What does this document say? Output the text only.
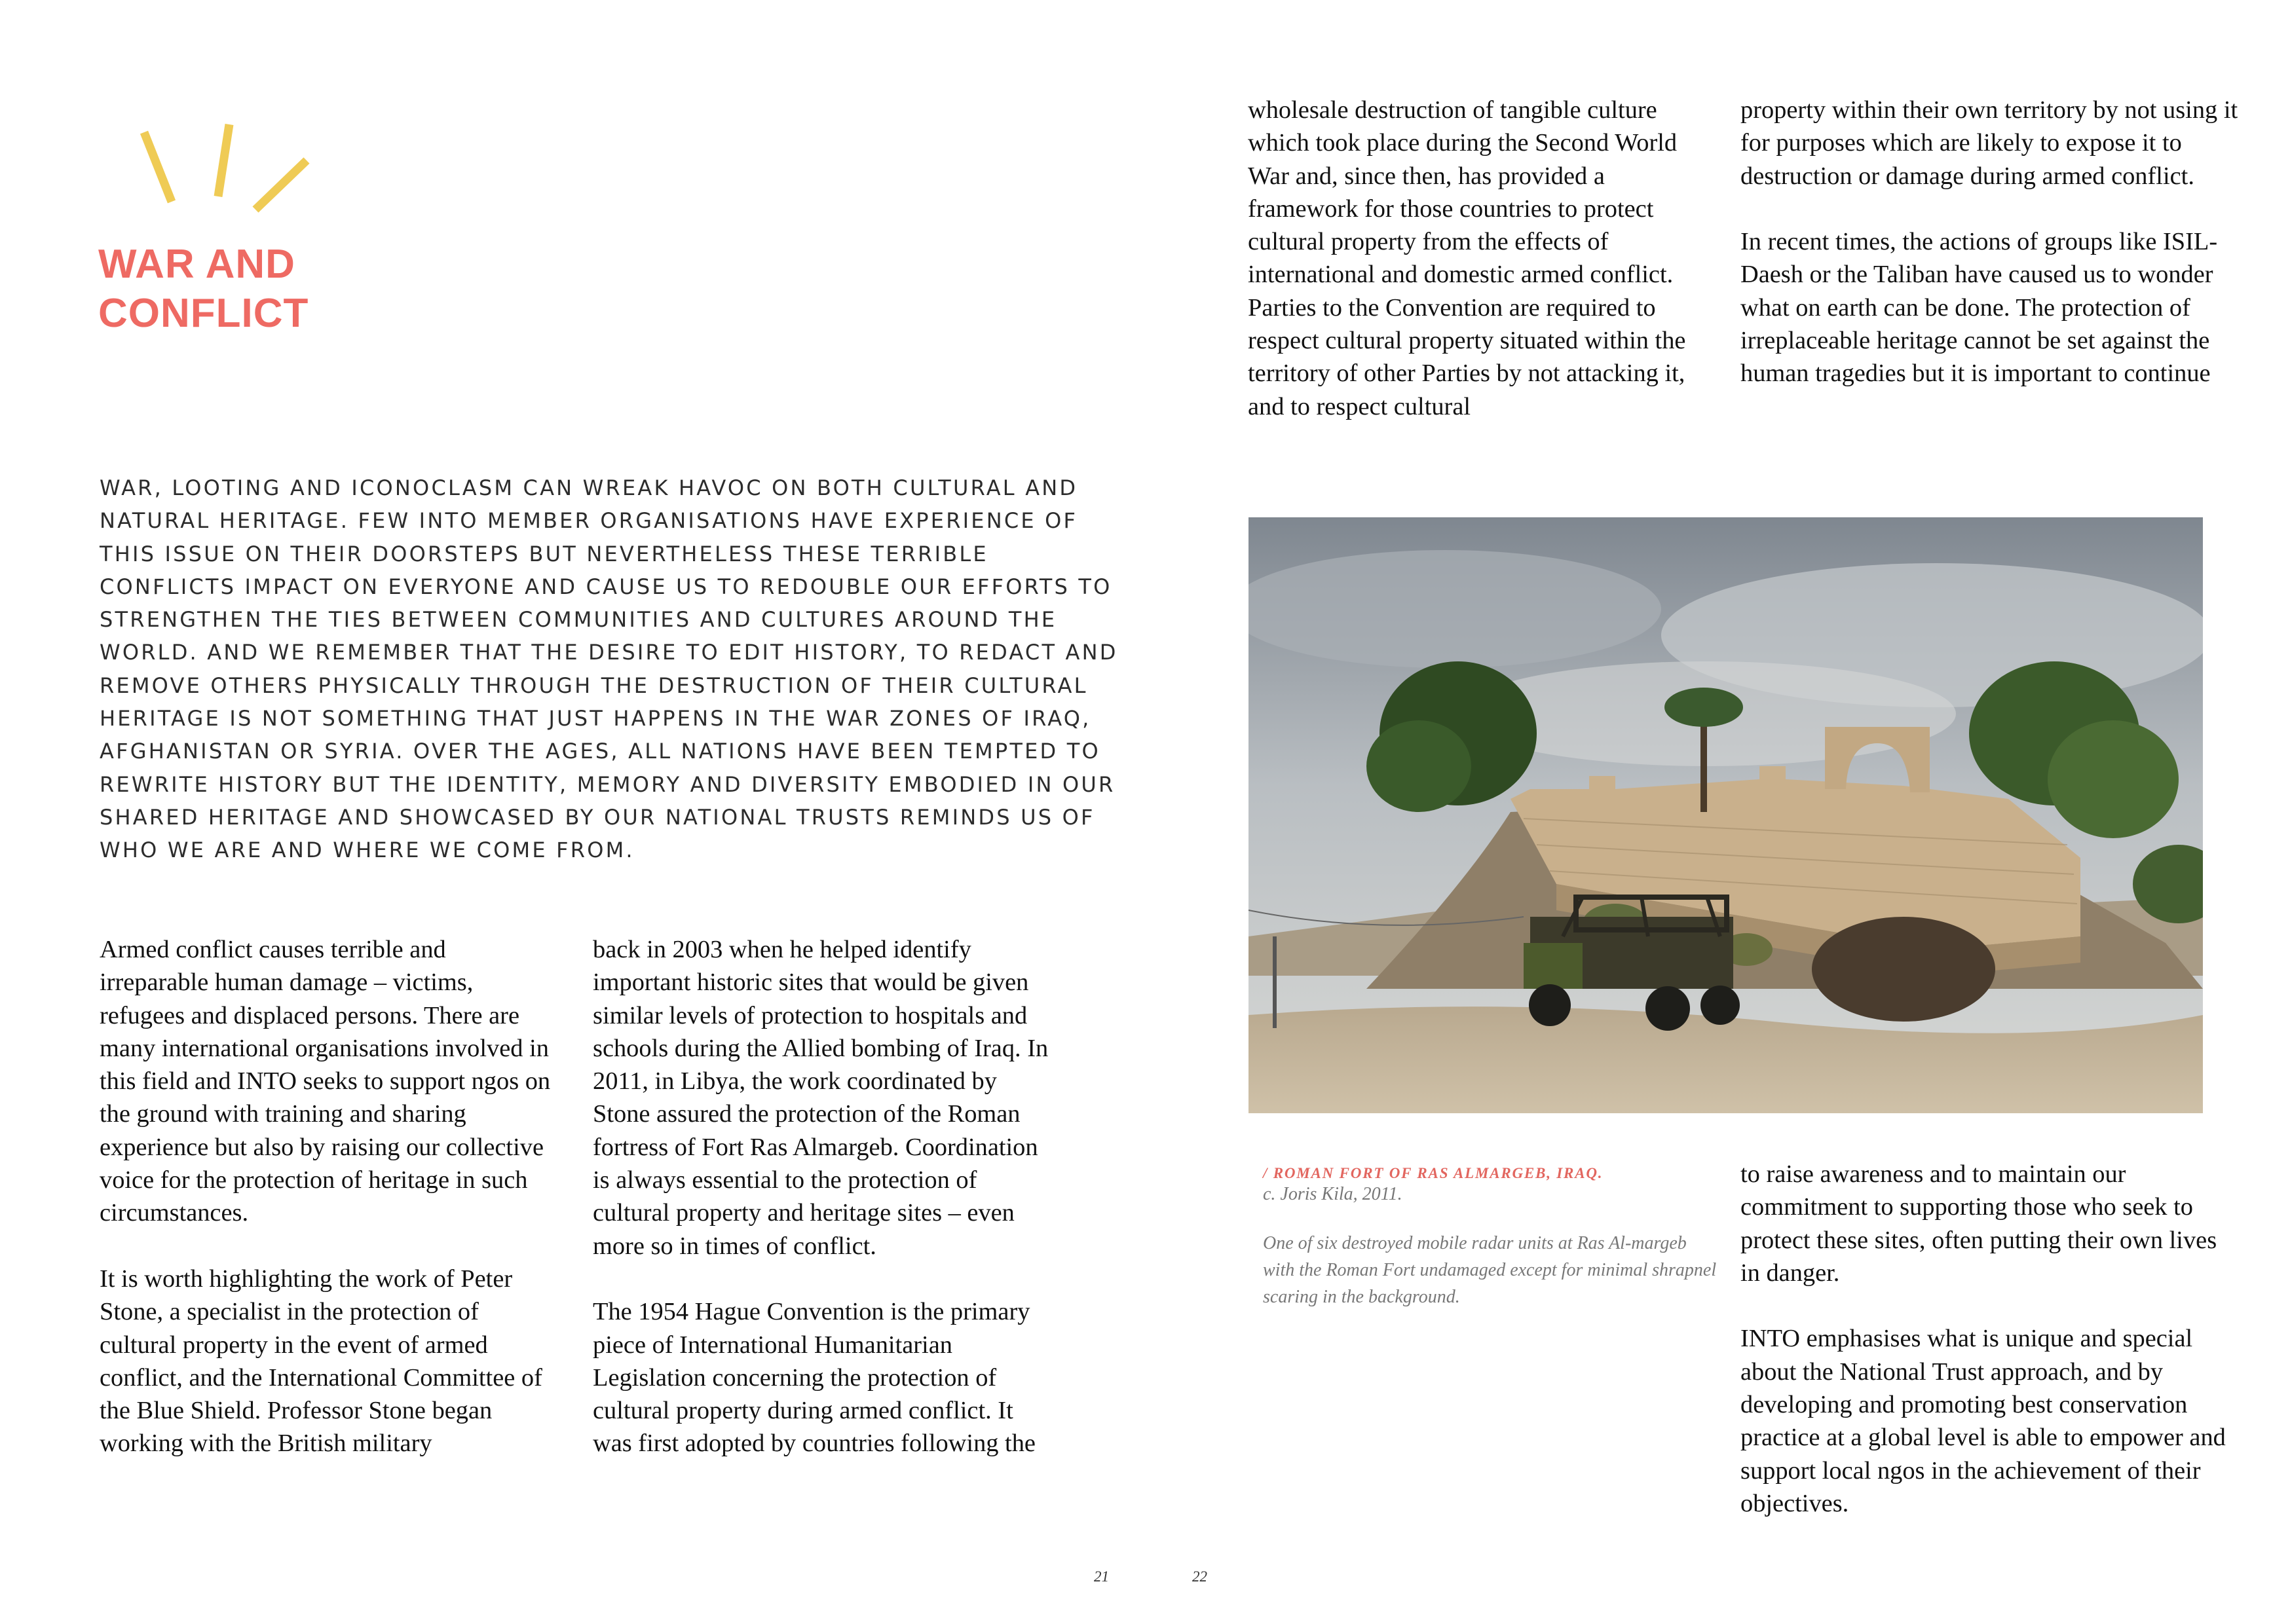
WAR AND
CONFLICT

WAR, LOOTING AND ICONOCLASM CAN WREAK HAVOC ON BOTH CULTURAL AND NATURAL HERITAGE. FEW INTO MEMBER ORGANISATIONS HAVE EXPERIENCE OF THIS ISSUE ON THEIR DOORSTEPS BUT NEVERTHELESS THESE TERRIBLE CONFLICTS IMPACT ON EVERYONE AND CAUSE US TO REDOUBLE OUR EFFORTS TO STRENGTHEN THE TIES BETWEEN COMMUNITIES AND CULTURES AROUND THE WORLD. AND WE REMEMBER THAT THE DESIRE TO EDIT HISTORY, TO REDACT AND REMOVE OTHERS PHYSICALLY THROUGH THE DESTRUCTION OF THEIR CULTURAL HERITAGE IS NOT SOMETHING THAT JUST HAPPENS IN THE WAR ZONES OF IRAQ, AFGHANISTAN OR SYRIA. OVER THE AGES, ALL NATIONS HAVE BEEN TEMPTED TO REWRITE HISTORY BUT THE IDENTITY, MEMORY AND DIVERSITY EMBODIED IN OUR SHARED HERITAGE AND SHOWCASED BY OUR NATIONAL TRUSTS REMINDS US OF WHO WE ARE AND WHERE WE COME FROM.

Armed conflict causes terrible and irreparable human damage – victims, refugees and displaced persons. There are many international organisations involved in this field and INTO seeks to support ngos on the ground with training and sharing experience but also by raising our collective voice for the protection of heritage in such circumstances.

It is worth highlighting the work of Peter Stone, a specialist in the protection of cultural property in the event of armed conflict, and the International Committee of the Blue Shield. Professor Stone began working with the British military

back in 2003 when he helped identify important historic sites that would be given similar levels of protection to hospitals and schools during the Allied bombing of Iraq. In 2011, in Libya, the work coordinated by Stone assured the protection of the Roman fortress of Fort Ras Almargeb. Coordination is always essential to the protection of cultural property and heritage sites – even more so in times of conflict.

The 1954 Hague Convention is the primary piece of International Humanitarian Legislation concerning the protection of cultural property during armed conflict. It was first adopted by countries following the

wholesale destruction of tangible culture which took place during the Second World War and, since then, has provided a framework for those countries to protect cultural property from the effects of international and domestic armed conflict. Parties to the Convention are required to respect cultural property situated within the territory of other Parties by not attacking it, and to respect cultural

property within their own territory by not using it for purposes which are likely to expose it to destruction or damage during armed conflict.

In recent times, the actions of groups like ISIL-Daesh or the Taliban have caused us to wonder what on earth can be done. The protection of irreplaceable heritage cannot be set against the human tragedies but it is important to continue

/ ROMAN FORT OF RAS ALMARGEB, IRAQ.
c. Joris Kila, 2011.
One of six destroyed mobile radar units at Ras Al-margeb with the Roman Fort undamaged except for minimal shrapnel scaring in the background.

to raise awareness and to maintain our commitment to supporting those who seek to protect these sites, often putting their own lives in danger.

INTO emphasises what is unique and special about the National Trust approach, and by developing and promoting best conservation practice at a global level is able to empower and support local ngos in the achievement of their objectives.

21	22
